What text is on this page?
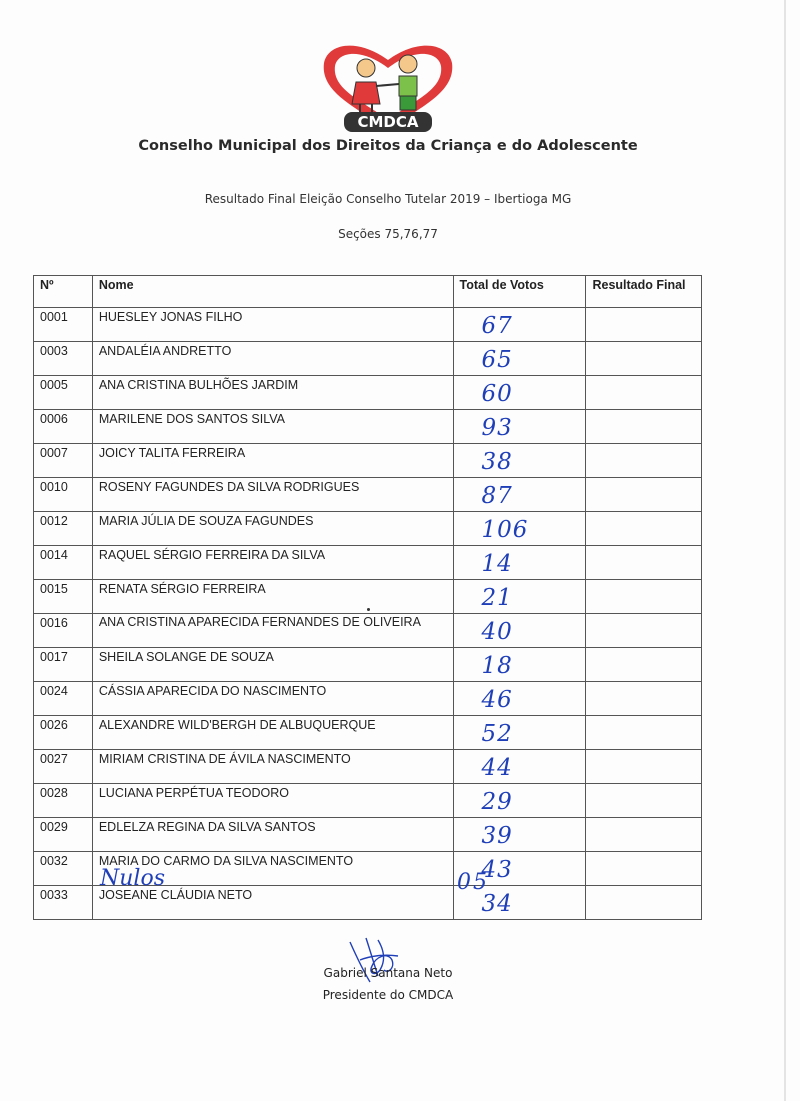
CMDCA
Conselho Municipal dos Direitos da Criança e do Adolescente
Resultado Final Eleição Conselho Tutelar 2019 – Ibertioga MG
Seções 75,76,77
Nº	Nome	Total de Votos	Resultado Final
0001	HUESLEY JONAS FILHO	67	

0003	ANDALÉIA ANDRETTO	65	

0005	ANA CRISTINA BULHÕES JARDIM	60	

0006	MARILENE DOS SANTOS SILVA	93	

0007	JOICY TALITA FERREIRA	38	

0010	ROSENY FAGUNDES DA SILVA RODRIGUES	87	

0012	MARIA JÚLIA DE SOUZA FAGUNDES	106	

0014	RAQUEL SÉRGIO FERREIRA DA SILVA	14	

0015	RENATA SÉRGIO FERREIRA	21	

0016	ANA CRISTINA APARECIDA FERNANDES DE OLIVEIRA	40	

0017	SHEILA SOLANGE DE SOUZA	18	

0024	CÁSSIA APARECIDA DO NASCIMENTO	46	

0026	ALEXANDRE WILD'BERGH DE ALBUQUERQUE	52	

0027	MIRIAM CRISTINA DE ÁVILA NASCIMENTO	44	

0028	LUCIANA PERPÉTUA TEODORO	29	

0029	EDLELZA REGINA DA SILVA SANTOS	39	

0032	MARIA DO CARMO DA SILVA NASCIMENTO	43	

0033	JOSEANE CLÁUDIA NETO	34	

Nulos	05
Gabriel Santana Neto
Presidente do CMDCA
